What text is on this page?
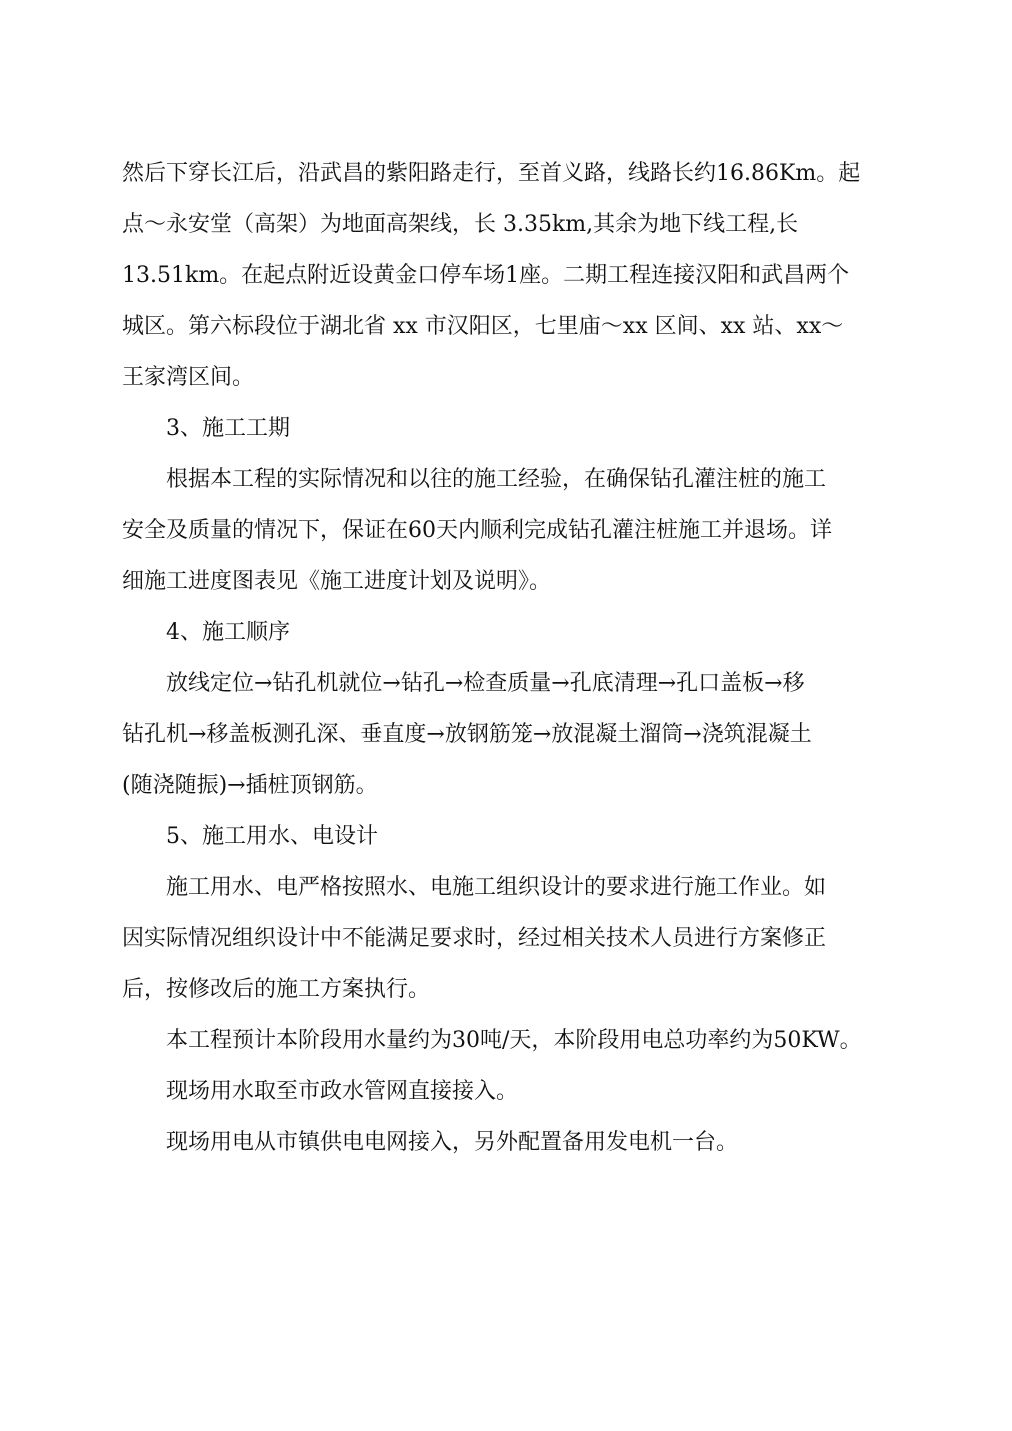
然后下穿长江后，沿武昌的紫阳路走行，至首义路，线路长约16.86Km。起
点～永安堂（高架）为地面高架线，长 3.35km,其余为地下线工程,长
13.51km。在起点附近设黄金口停车场1座。二期工程连接汉阳和武昌两个
城区。第六标段位于湖北省 xx 市汉阳区，七里庙～xx 区间、xx 站、xx～
王家湾区间。
3、施工工期
根据本工程的实际情况和以往的施工经验，在确保钻孔灌注桩的施工
安全及质量的情况下，保证在60天内顺利完成钻孔灌注桩施工并退场。详
细施工进度图表见《施工进度计划及说明》。
4、施工顺序
放线定位→钻孔机就位→钻孔→检查质量→孔底清理→孔口盖板→移
钻孔机→移盖板测孔深、垂直度→放钢筋笼→放混凝土溜筒→浇筑混凝土
(随浇随振)→插桩顶钢筋。
5、施工用水、电设计
施工用水、电严格按照水、电施工组织设计的要求进行施工作业。如
因实际情况组织设计中不能满足要求时，经过相关技术人员进行方案修正
后，按修改后的施工方案执行。
本工程预计本阶段用水量约为30吨/天，本阶段用电总功率约为50KW。
现场用水取至市政水管网直接接入。
现场用电从市镇供电电网接入，另外配置备用发电机一台。
